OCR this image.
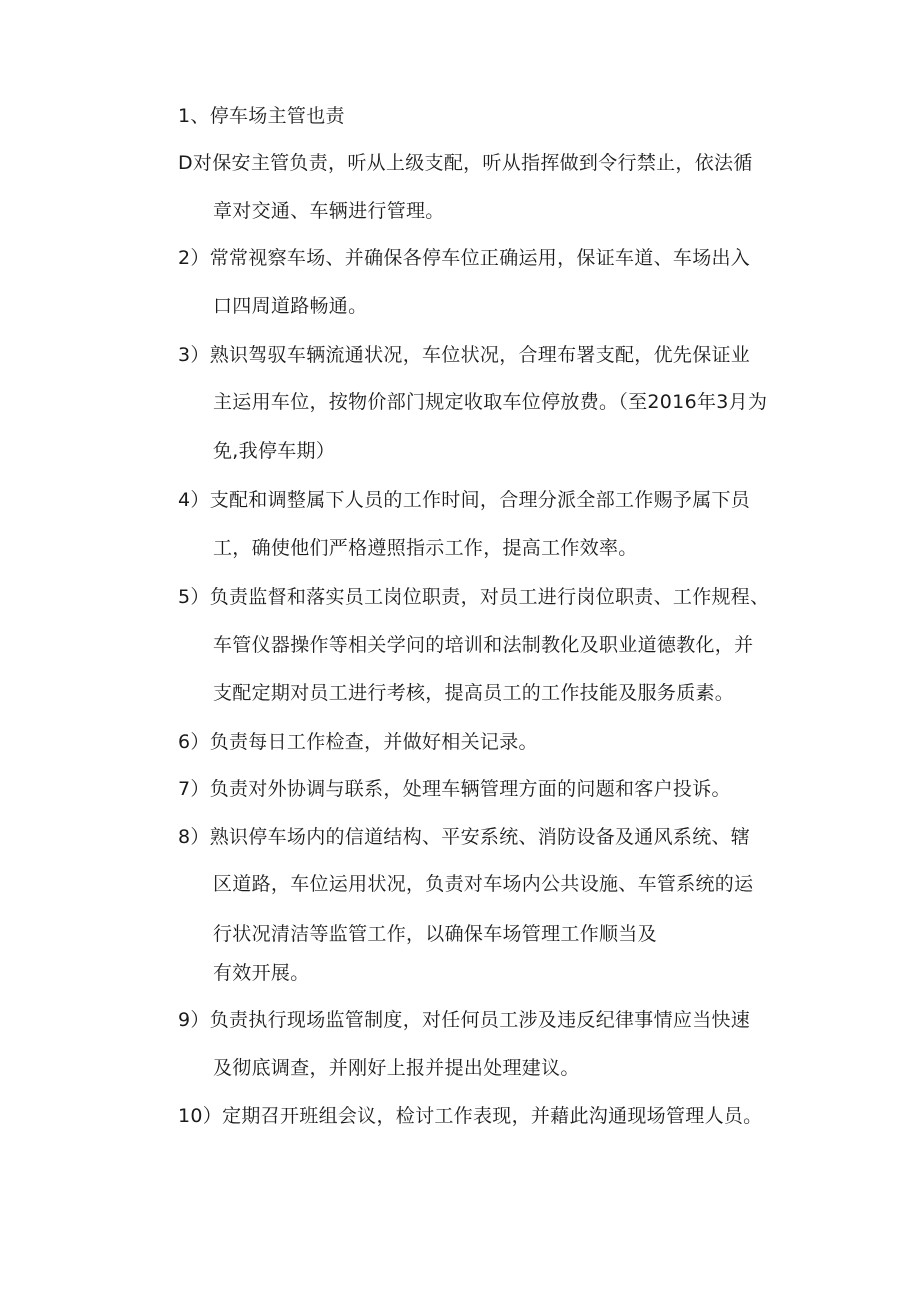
1、停车场主管也责
D对保安主管负责，听从上级支配，听从指挥做到令行禁止，依法循
章对交通、车辆进行管理。
2）常常视察车场、并确保各停车位正确运用，保证车道、车场出入
口四周道路畅通。
3）熟识驾驭车辆流通状况，车位状况，合理布署支配，优先保证业
主运用车位，按物价部门规定收取车位停放费。（至2016年3月为
免,我停车期）
4）支配和调整属下人员的工作时间，合理分派全部工作赐予属下员
工，确使他们严格遵照指示工作，提高工作效率。
5）负责监督和落实员工岗位职责，对员工进行岗位职责、工作规程、
车管仪器操作等相关学问的培训和法制教化及职业道德教化，并
支配定期对员工进行考核，提高员工的工作技能及服务质素。
6）负责每日工作检查，并做好相关记录。
7）负责对外协调与联系，处理车辆管理方面的问题和客户投诉。
8）熟识停车场内的信道结构、平安系统、消防设备及通风系统、辖
区道路，车位运用状况，负责对车场内公共设施、车管系统的运
行状况清洁等监管工作，以确保车场管理工作顺当及
有效开展。
9）负责执行现场监管制度，对任何员工涉及违反纪律事情应当快速
及彻底调查，并刚好上报并提出处理建议。
10）定期召开班组会议，检讨工作表现，并藉此沟通现场管理人员。
